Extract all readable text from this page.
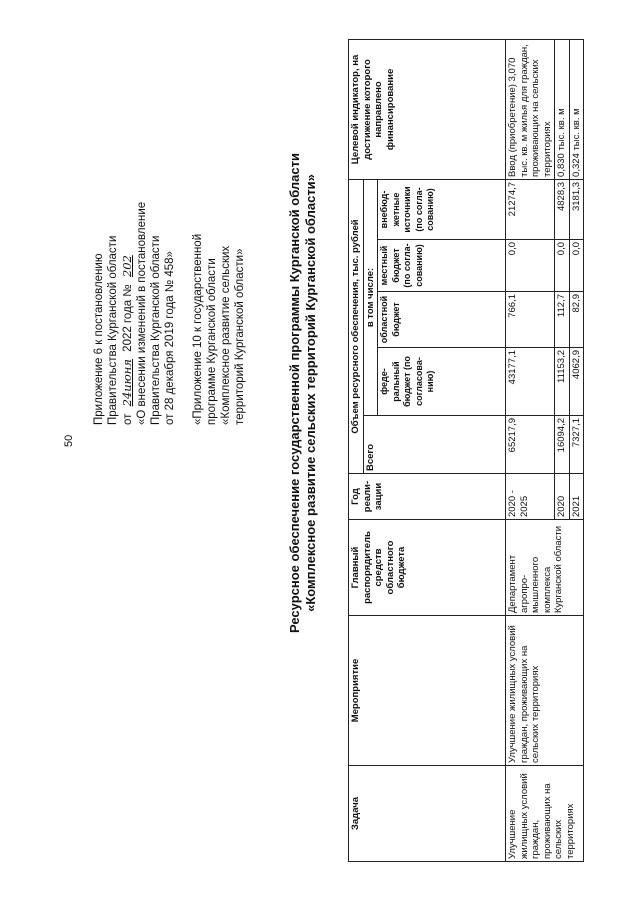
50

Приложение 6 к постановлению Правительства Курганской области от 24июня 2022 года № 202 «О внесении изменений в постановление Правительства Курганской области от 28 декабря 2019 года № 458» «Приложение 10 к государственной программе Курганской области «Комплексное развитие сельских территорий Курганской области»	Ресурсное обеспечение государственной программы Курганской области «Комплексное развитие сельских территорий Курганской области»

Задача	Мероприятие	Главный распорядитель средств областного бюджета	Год реали-зации	Объем ресурсного обеспечения, тыс. рублей					Целевой индикатор, на достижение которого направлено финансирование
				Всего	в том числе:				
					феде-ральный бюджет (по согласова-нию)	областной бюджет	местный бюджет (по согла-сованию)	внебюд-жетные источники (по согла-сованию)	
Улучшение жилищных условий граждан, проживающих на сельских территориях	Улучшение жилищных условий граждан, проживающих на сельских территориях	Департамент агропро-мышленного комплекса Курганской области	2020 - 2025	65217,9	43177,1	766,1	0,0	21274,7	Ввод (приобретение) 3,070 тыс. кв. м жилья для граждан, проживающих на сельских территориях
			2020	16094,2	11153,2	112,7	0,0	4828,3	0,830 тыс. кв. м
			2021	7327,1	4062,9	82,9	0,0	3181,3	0,324 тыс. кв. м
